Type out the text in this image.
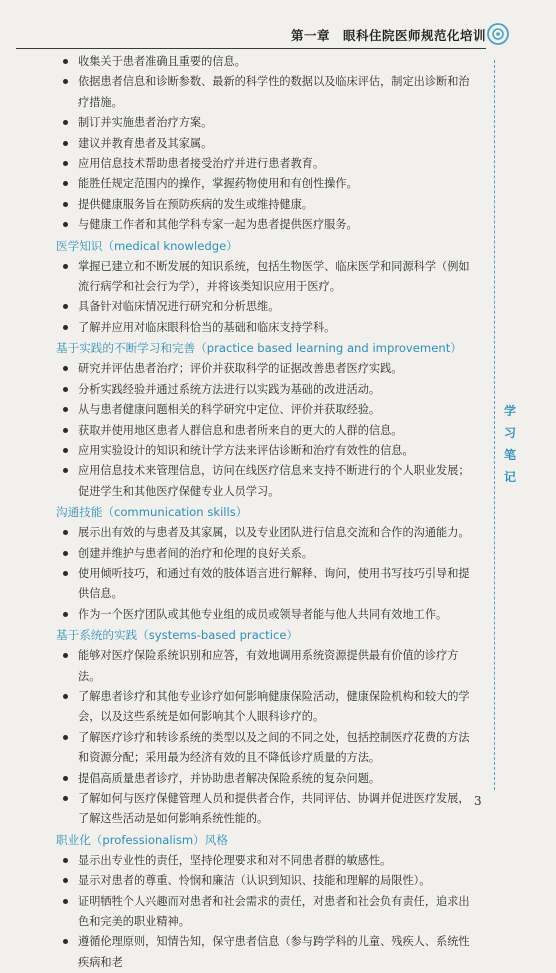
第一章　眼科住院医师规范化培训
学
习
笔
记
收集关于患者准确且重要的信息。
依据患者信息和诊断参数、最新的科学性的数据以及临床评估，制定出诊断和治疗措施。
制订并实施患者治疗方案。
建议并教育患者及其家属。
应用信息技术帮助患者接受治疗并进行患者教育。
能胜任规定范围内的操作，掌握药物使用和有创性操作。
提供健康服务旨在预防疾病的发生或维持健康。
与健康工作者和其他学科专家一起为患者提供医疗服务。
医学知识（medical knowledge）
掌握已建立和不断发展的知识系统，包括生物医学、临床医学和同源科学（例如流行病学和社会行为学），并将该类知识应用于医疗。
具备针对临床情况进行研究和分析思维。
了解并应用对临床眼科恰当的基础和临床支持学科。
基于实践的不断学习和完善（practice based learning and improvement）
研究并评估患者治疗；评价并获取科学的证据改善患者医疗实践。
分析实践经验并通过系统方法进行以实践为基础的改进活动。
从与患者健康问题相关的科学研究中定位、评价并获取经验。
获取并使用地区患者人群信息和患者所来自的更大的人群的信息。
应用实验设计的知识和统计学方法来评估诊断和治疗有效性的信息。
应用信息技术来管理信息，访问在线医疗信息来支持不断进行的个人职业发展；促进学生和其他医疗保健专业人员学习。
沟通技能（communication skills）
展示出有效的与患者及其家属，以及专业团队进行信息交流和合作的沟通能力。
创建并维护与患者间的治疗和伦理的良好关系。
使用倾听技巧，和通过有效的肢体语言进行解释、询问，使用书写技巧引导和提供信息。
作为一个医疗团队或其他专业组的成员或领导者能与他人共同有效地工作。
基于系统的实践（systems-based practice）
能够对医疗保险系统识别和应答，有效地调用系统资源提供最有价值的诊疗方法。
了解患者诊疗和其他专业诊疗如何影响健康保险活动，健康保险机构和较大的学会，以及这些系统是如何影响其个人眼科诊疗的。
了解医疗诊疗和转诊系统的类型以及之间的不同之处，包括控制医疗花费的方法和资源分配；采用最为经济有效的且不降低诊疗质量的方法。
提倡高质量患者诊疗，并协助患者解决保险系统的复杂问题。
了解如何与医疗保健管理人员和提供者合作，共同评估、协调并促进医疗发展，了解这些活动是如何影响系统性能的。
职业化（professionalism）风格
显示出专业性的责任，坚持伦理要求和对不同患者群的敏感性。
显示对患者的尊重、怜悯和廉洁（认识到知识、技能和理解的局限性）。
证明牺牲个人兴趣而对患者和社会需求的责任，对患者和社会负有责任，追求出色和完美的职业精神。
遵循伦理原则，知情告知，保守患者信息（参与跨学科的儿童、残疾人、系统性疾病和老
3
